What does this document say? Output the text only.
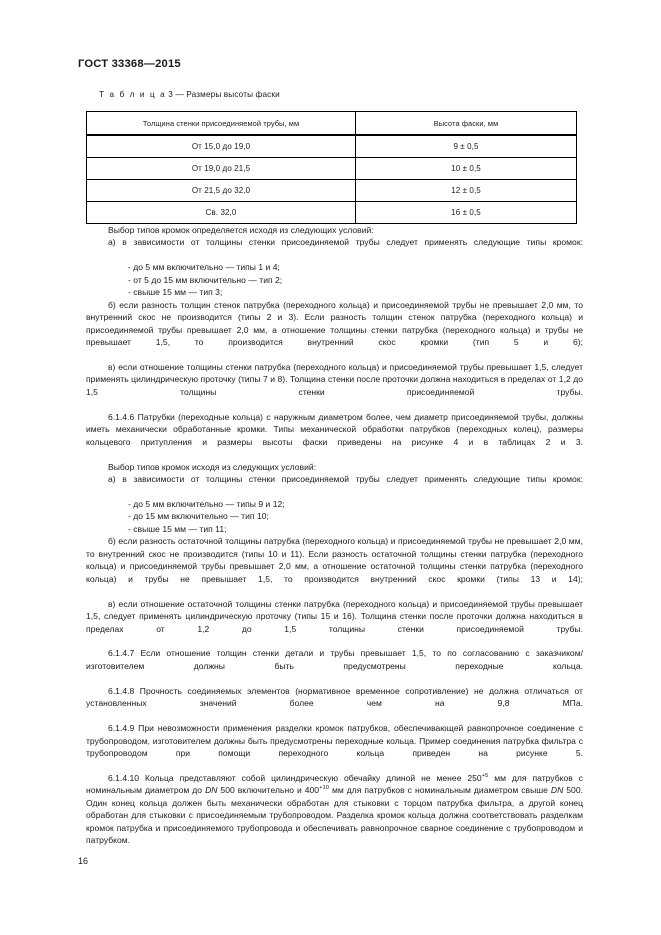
ГОСТ 33368—2015
Т а б л и ц а 3 — Размеры высоты фаски
Толщина стенки присоединяемой трубы, мм	Высота фаски, мм
От 15,0 до 19,0	9 ± 0,5
От 19,0 до 21,5	10 ± 0,5
От 21,5 до 32,0	12 ± 0,5
Св. 32,0	16 ± 0,5

Выбор типов кромок определяется исходя из следующих условий:

а) в зависимости от толщины стенки присоединяемой трубы следует применять следующие типы кромок:

- до 5 мм включительно — типы 1 и 4;

- от 5 до 15 мм включительно — тип 2;

- свыше 15 мм — тип 3;

б) если разность толщин стенок патрубка (переходного кольца) и присоединяемой трубы не превышает 2,0 мм, то внутренний скос не производится (типы 2 и 3). Если разность толщин стенок патрубка (переходного кольца) и присоединяемой трубы превышает 2,0 мм, а отношение толщины стенки патрубка (переходного кольца) и трубы не превышает 1,5, то производится внутренний скос кромки (тип 5 и 6);

в) если отношение толщины стенки патрубка (переходного кольца) и присоединяемой трубы превышает 1,5, следует применять цилиндрическую проточку (типы 7 и 8). Толщина стенки после проточки должна находиться в пределах от 1,2 до 1,5 толщины стенки присоединяемой трубы.

6.1.4.6 Патрубки (переходные кольца) с наружным диаметром более, чем диаметр присоединяемой трубы, должны иметь механически обработанные кромки. Типы механической обработки патрубков (переходных колец), размеры кольцевого притупления и размеры высоты фаски приведены на рисунке 4 и в таблицах 2 и 3.

Выбор типов кромок исходя из следующих условий:

а) в зависимости от толщины стенки присоединяемой трубы следует применять следующие типы кромок:

- до 5 мм включительно — типы 9 и 12;

- до 15 мм включительно — тип 10;

- свыше 15 мм — тип 11;

б) если разность остаточной толщины патрубка (переходного кольца) и присоединяемой трубы не превышает 2,0 мм, то внутренний скос не производится (типы 10 и 11). Если разность остаточной толщины стенки патрубка (переходного кольца) и присоединяемой трубы превышает 2,0 мм, а отношение остаточной толщины стенки патрубка (переходного кольца) и трубы не превышает 1,5, то производится внутренний скос кромки (типы 13 и 14);

в) если отношение остаточной толщины стенки патрубка (переходного кольца) и присоединяемой трубы превышает 1,5, следует применять цилиндрическую проточку (типы 15 и 16). Толщина стенки после проточки должна находиться в пределах от 1,2 до 1,5 толщины стенки присоединяемой трубы.

6.1.4.7 Если отношение толщин стенки детали и трубы превышает 1,5, то по согласованию с заказчиком/изготовителем должны быть предусмотрены переходные кольца.

6.1.4.8 Прочность соединяемых элементов (нормативное временное сопротивление) не должна отличаться от установленных значений более чем на 9,8 МПа.

6.1.4.9 При невозможности применения разделки кромок патрубков, обеспечивающей равнопрочное соединение с трубопроводом, изготовителем должны быть предусмотрены переходные кольца. Пример соединения патрубка фильтра с трубопроводом при помощи переходного кольца приведен на рисунке 5.

6.1.4.10 Кольца представляют собой цилиндрическую обечайку длиной не менее $250^{+5}$ мм для патрубков с номинальным диаметром до DN 500 включительно и $400^{+10}$ мм для патрубков с номинальным диаметром свыше DN 500. Один конец кольца должен быть механически обработан для стыковки с торцом патрубка фильтра, а другой конец обработан для стыковки с присоединяемым трубопроводом. Разделка кромок кольца должна соответствовать разделкам кромок патрубка и присоединяемого трубопровода и обеспечивать равнопрочное сварное соединение с трубопроводом и патрубком.

16
